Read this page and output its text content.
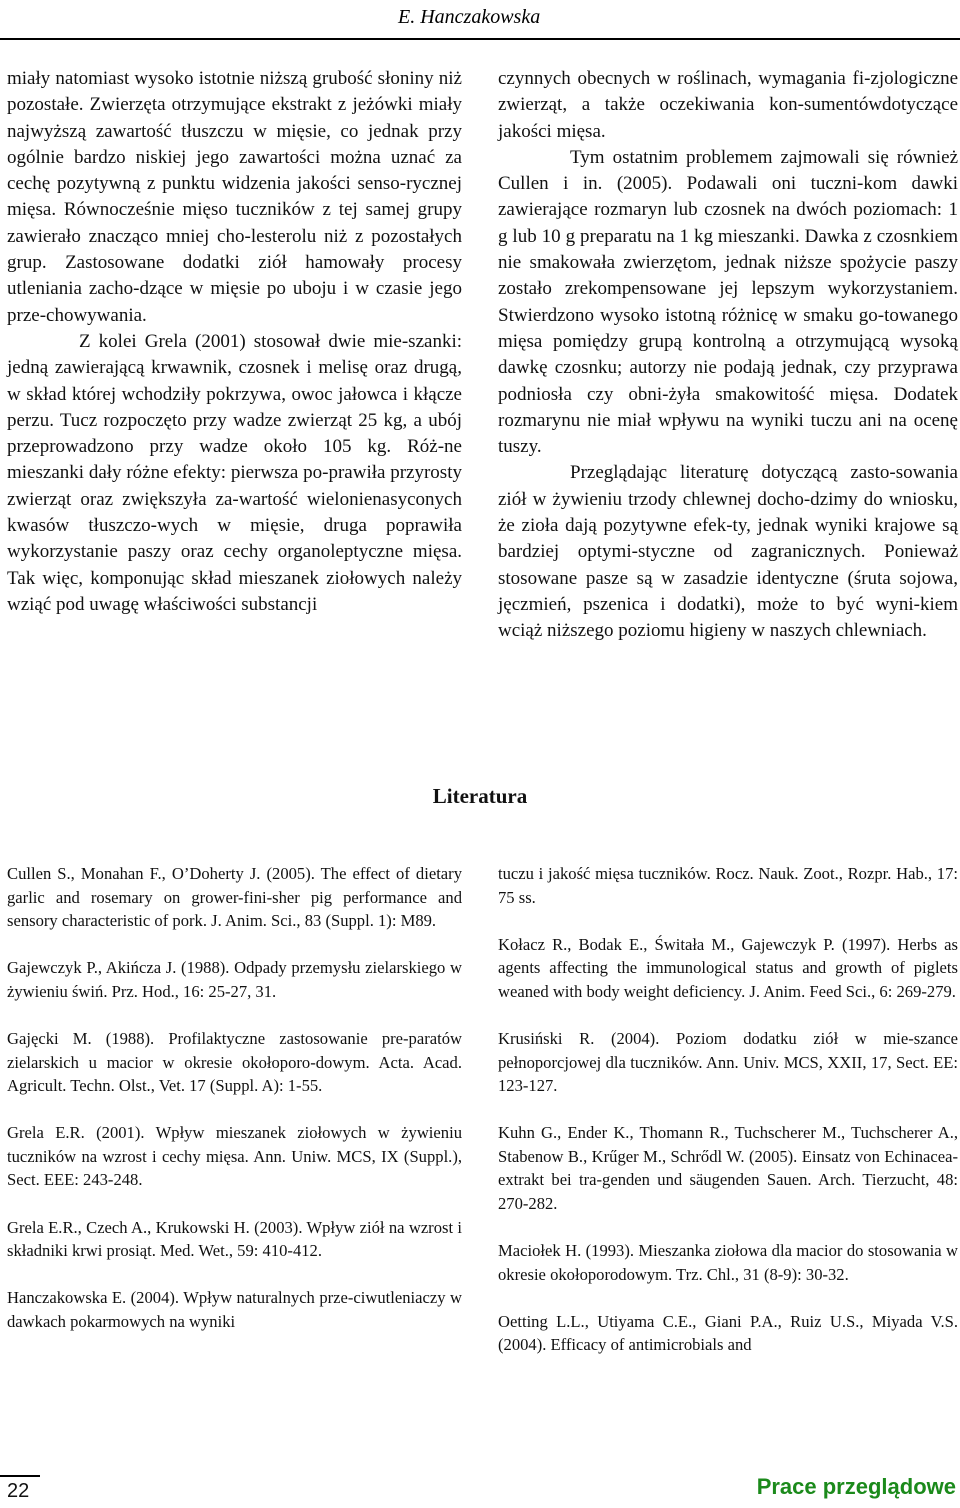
E. Hanczakowska

miały natomiast wysoko istotnie niższą grubość słoniny niż pozostałe. Zwierzęta otrzymujące ekstrakt z jeżówki miały najwyższą zawartość tłuszczu w mięsie, co jednak przy ogólnie bardzo niskiej jego zawartości można uznać za cechę pozytywną z punktu widzenia jakości senso-rycznej mięsa. Równocześnie mięso tuczników z tej samej grupy zawierało znacząco mniej cho-lesterolu niż z pozostałych grup. Zastosowane dodatki ziół hamowały procesy utleniania zacho-dzące w mięsie po uboju i w czasie jego prze-chowywania.

Z kolei Grela (2001) stosował dwie mie-szanki: jedną zawierającą krwawnik, czosnek i melisę oraz drugą, w skład której wchodziły pokrzywa, owoc jałowca i kłącze perzu. Tucz rozpoczęto przy wadze zwierząt 25 kg, a ubój przeprowadzono przy wadze około 105 kg. Róż-ne mieszanki dały różne efekty: pierwsza po-prawiła przyrosty zwierząt oraz zwiększyła za-wartość wielonienasyconych kwasów tłuszczo-wych w mięsie, druga poprawiła wykorzystanie paszy oraz cechy organoleptyczne mięsa. Tak więc, komponując skład mieszanek ziołowych należy wziąć pod uwagę właściwości substancji

czynnych obecnych w roślinach, wymagania fi-zjologiczne zwierząt, a także oczekiwania kon-sumentówdotyczące jakości mięsa.

Tym ostatnim problemem zajmowali się również Cullen i in. (2005). Podawali oni tuczni-kom dawki zawierające rozmaryn lub czosnek na dwóch poziomach: 1 g lub 10 g preparatu na 1 kg mieszanki. Dawka z czosnkiem nie smakowała zwierzętom, jednak niższe spożycie paszy zostało zrekompensowane jej lepszym wykorzystaniem. Stwierdzono wysoko istotną różnicę w smaku go-towanego mięsa pomiędzy grupą kontrolną a otrzymującą wysoką dawkę czosnku; autorzy nie podają jednak, czy przyprawa podniosła czy obni-żyła smakowitość mięsa. Dodatek rozmarynu nie miał wpływu na wyniki tuczu ani na ocenę tuszy.

Przeglądając literaturę dotyczącą zasto-sowania ziół w żywieniu trzody chlewnej docho-dzimy do wniosku, że zioła dają pozytywne efek-ty, jednak wyniki krajowe są bardziej optymi-styczne od zagranicznych. Ponieważ stosowane pasze są w zasadzie identyczne (śruta sojowa, jęczmień, pszenica i dodatki), może to być wyni-kiem wciąż niższego poziomu higieny w naszych chlewniach.

Literatura

Cullen S., Monahan F., O’Doherty J. (2005). The effect of dietary garlic and rosemary on grower-fini-sher pig performance and sensory characteristic of pork. J. Anim. Sci., 83 (Suppl. 1): M89.

Gajewczyk P., Akińcza J. (1988). Odpady przemysłu zielarskiego w żywieniu świń. Prz. Hod., 16: 25-27, 31.

Gajęcki M. (1988). Profilaktyczne zastosowanie pre-paratów zielarskich u macior w okresie okołoporo-dowym. Acta. Acad. Agricult. Techn. Olst., Vet. 17 (Suppl. A): 1-55.

Grela E.R. (2001). Wpływ mieszanek ziołowych w żywieniu tuczników na wzrost i cechy mięsa. Ann. Uniw. MCS, IX (Suppl.), Sect. EEE: 243-248.

Grela E.R., Czech A., Krukowski H. (2003). Wpływ ziół na wzrost i składniki krwi prosiąt. Med. Wet., 59: 410-412.

Hanczakowska E. (2004). Wpływ naturalnych prze-ciwutleniaczy w dawkach pokarmowych na wyniki

tuczu i jakość mięsa tuczników. Rocz. Nauk. Zoot., Rozpr. Hab., 17: 75 ss.

Kołacz R., Bodak E., Świtała M., Gajewczyk P. (1997). Herbs as agents affecting the immunological status and growth of piglets weaned with body weight deficiency. J. Anim. Feed Sci., 6: 269-279.

Krusiński R. (2004). Poziom dodatku ziół w mie-szance pełnoporcjowej dla tuczników. Ann. Univ. MCS, XXII, 17, Sect. EE: 123-127.

Kuhn G., Ender K., Thomann R., Tuchscherer M., Tuchscherer A., Stabenow B., Krűger M., Schrődl W. (2005). Einsatz von Echinacea-extrakt bei tra-genden und säugenden Sauen. Arch. Tierzucht, 48: 270-282.

Maciołek H. (1993). Mieszanka ziołowa dla macior do stosowania w okresie okołoporodowym. Trz. Chl., 31 (8-9): 30-32.

Oetting L.L., Utiyama C.E., Giani P.A., Ruiz U.S., Miyada V.S. (2004). Efficacy of antimicrobials and

22	Prace przeglądowe
